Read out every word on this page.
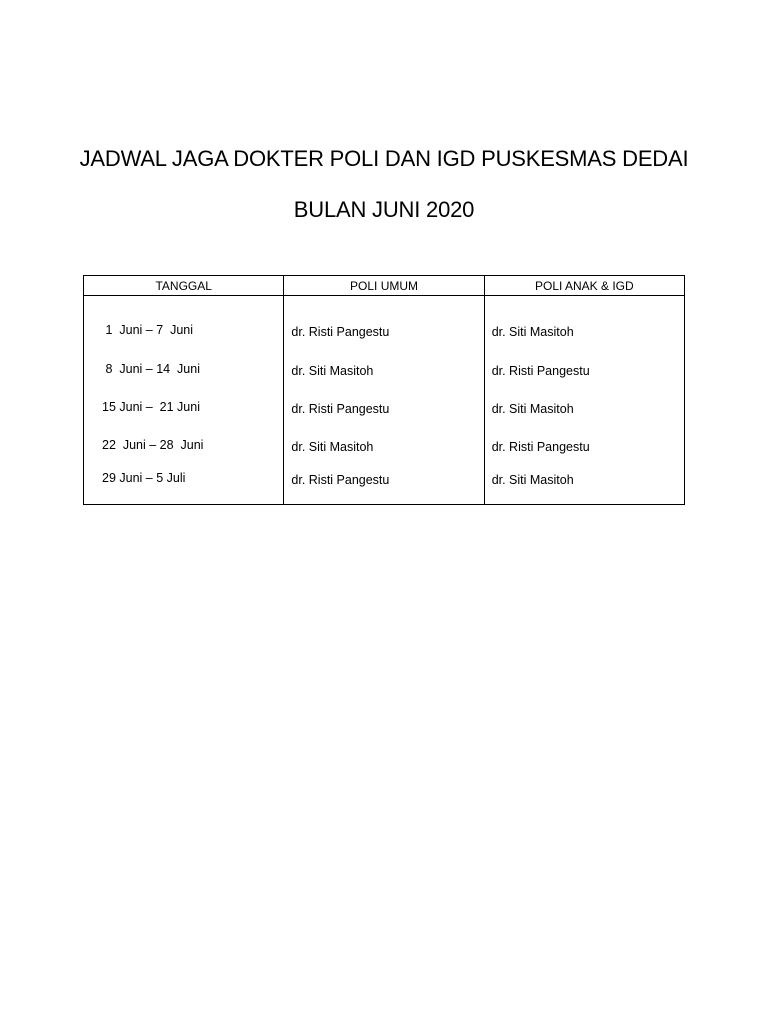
JADWAL JAGA DOKTER POLI DAN IGD PUSKESMAS DEDAI
BULAN JUNI 2020
TANGGAL	POLI UMUM	POLI ANAK & IGD
1  Juni – 7  Juni	dr. Risti Pangestu	dr. Siti Masitoh
8  Juni – 14  Juni	dr. Siti Masitoh	dr. Risti Pangestu
15 Juni –  21 Juni	dr. Risti Pangestu	dr. Siti Masitoh
22  Juni – 28  Juni	dr. Siti Masitoh	dr. Risti Pangestu
29 Juni – 5 Juli	dr. Risti Pangestu	dr. Siti Masitoh
